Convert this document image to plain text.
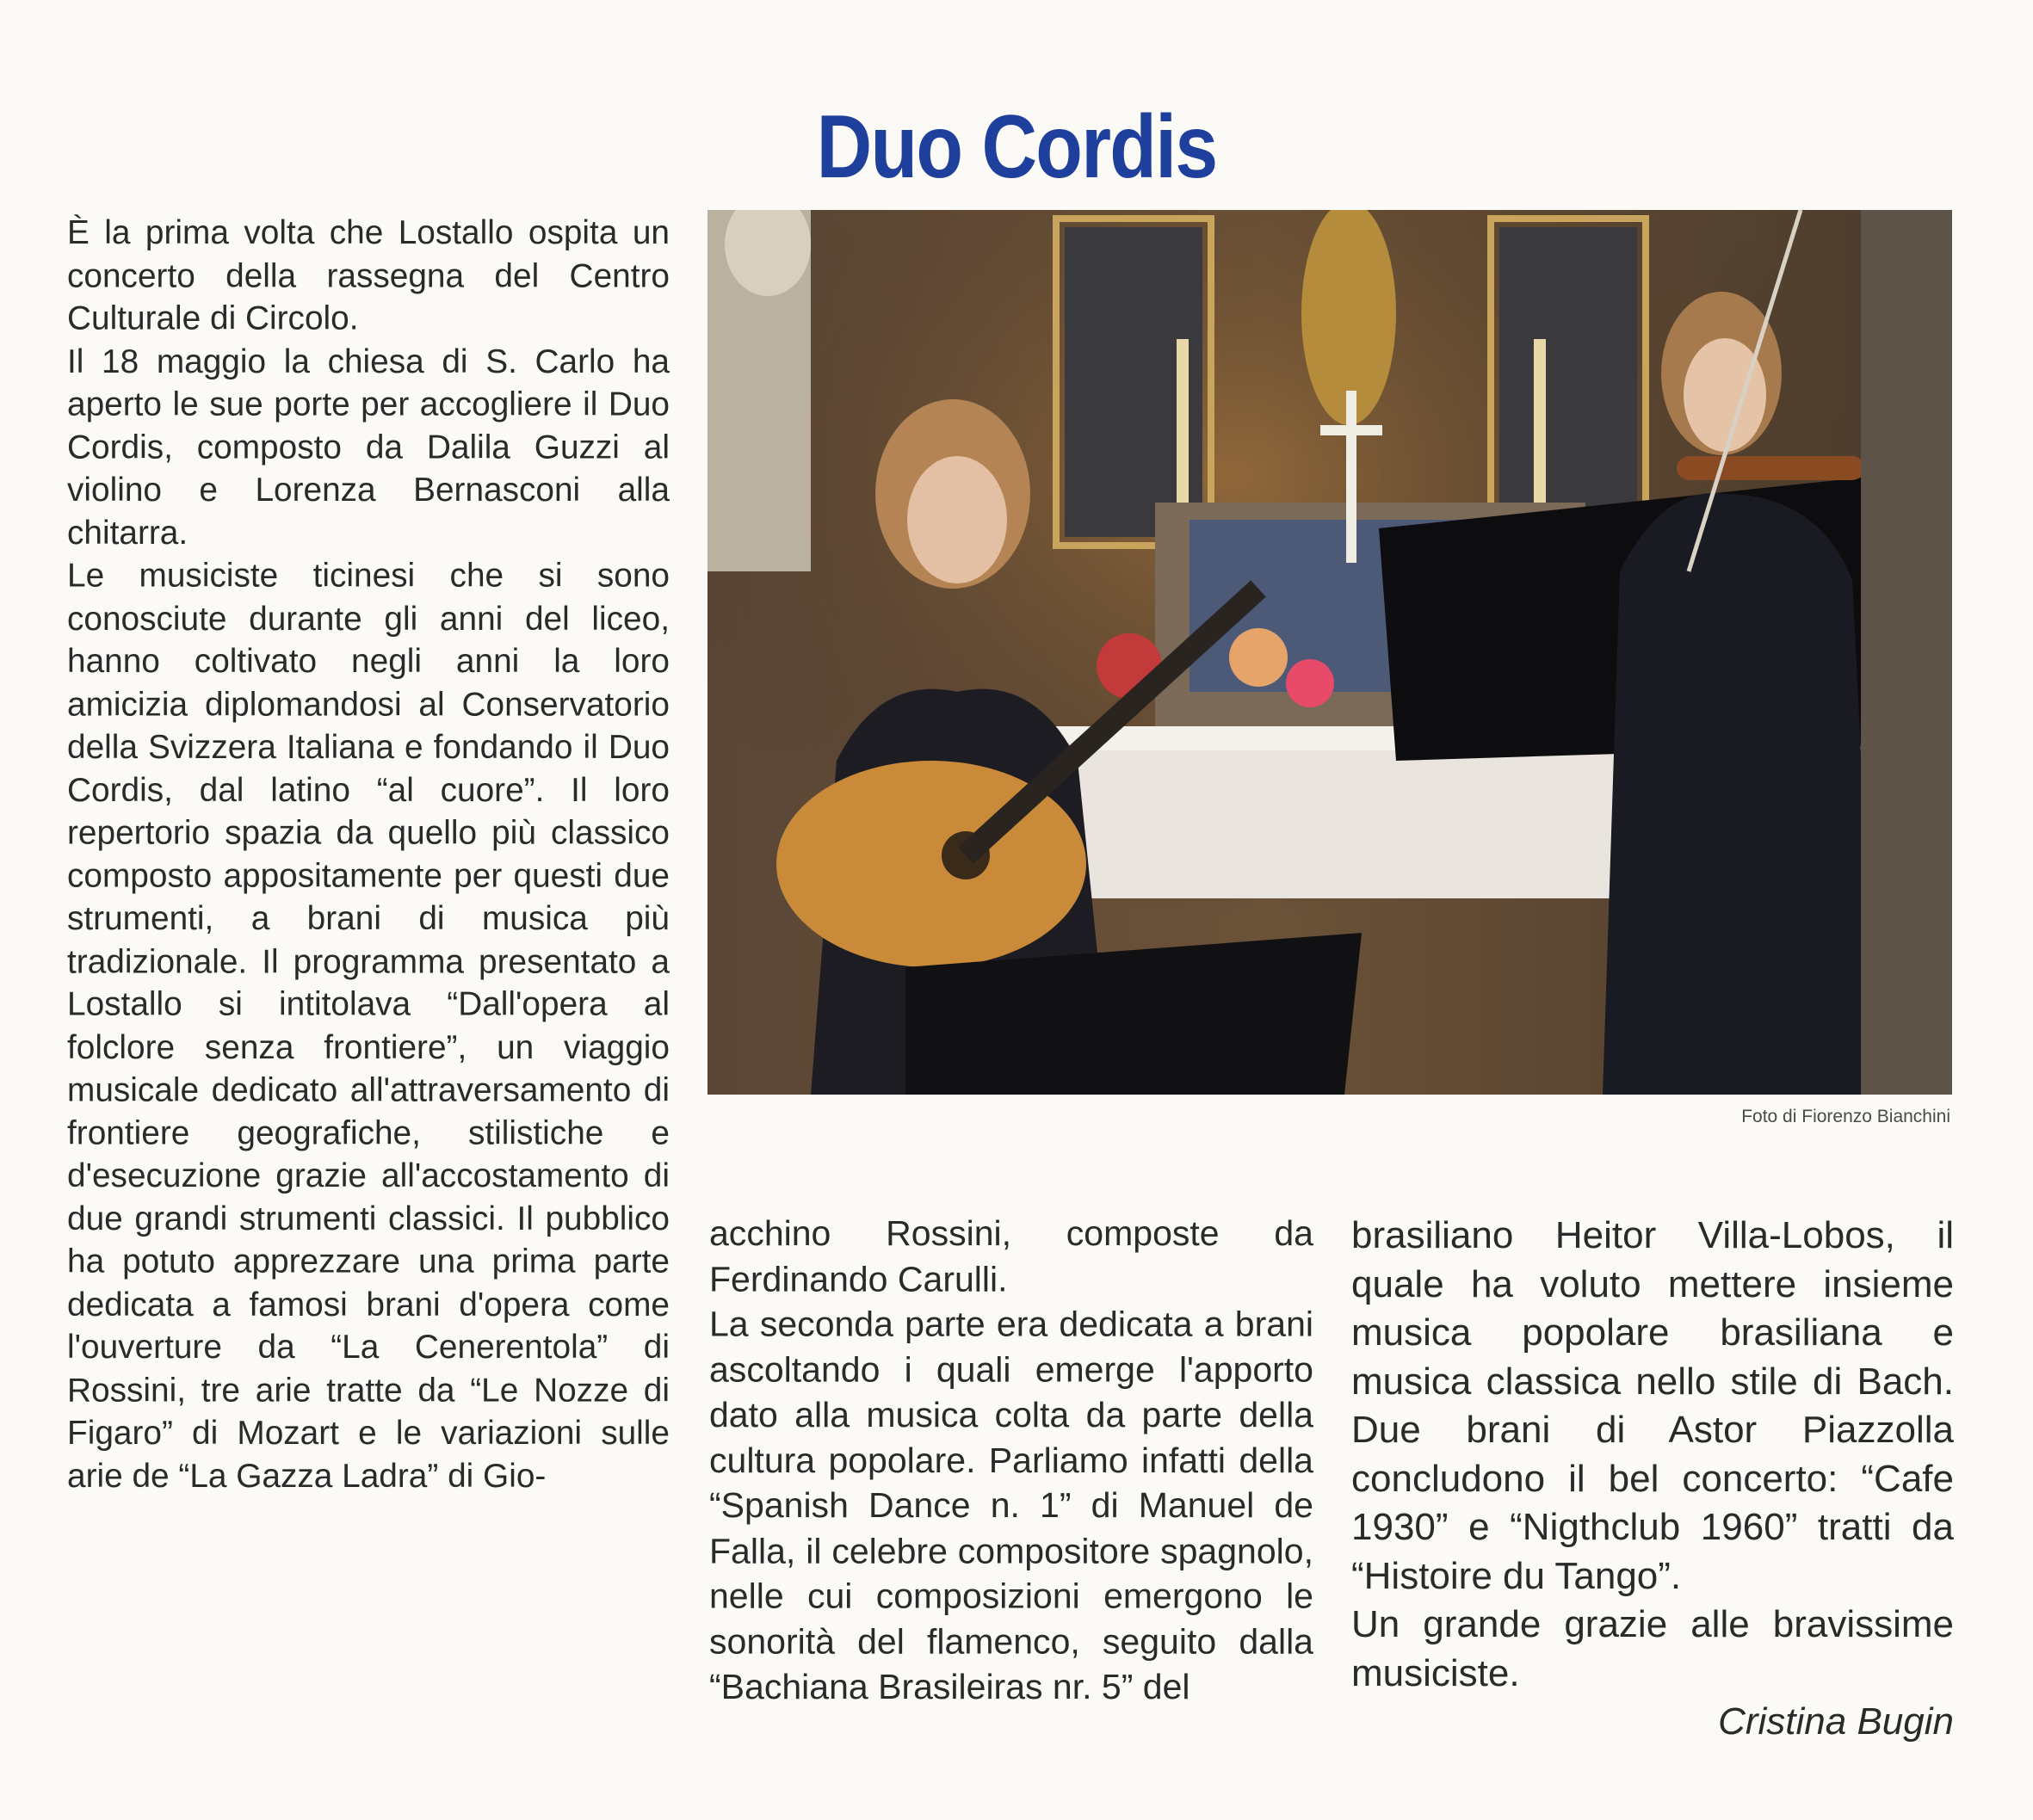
Duo Cordis

È la prima volta che Lostallo ospita un concerto della rassegna del Centro Culturale di Circolo.

Il 18 maggio la chiesa di S. Carlo ha aperto le sue porte per accogliere il Duo Cordis, composto da Dalila Guzzi al violino e Lorenza Bernasconi alla chitarra.

Le musiciste ticinesi che si sono conosciute durante gli anni del liceo, hanno coltivato negli anni la loro amicizia diplomandosi al Conservatorio della Svizzera Italiana e fondando il Duo Cordis, dal latino “al cuore”. Il loro repertorio spazia da quello più classico composto appositamente per questi due strumenti, a brani di musica più tradizionale. Il programma presentato a Lostallo si intitolava “Dall'opera al folclore senza frontiere”, un viaggio musicale dedicato all'attraversamento di frontiere geografiche, stilistiche e d'esecuzione grazie all'accostamento di due grandi strumenti classici. Il pubblico ha potuto apprezzare una prima parte dedicata a famosi brani d'opera come l'ouverture da “La Cenerentola” di Rossini, tre arie tratte da “Le Nozze di Figaro” di Mozart e le variazioni sulle arie de “La Gazza Ladra” di Gio-

Foto di Fiorenzo Bianchini

acchino Rossini, composte da Ferdinando Carulli.

La seconda parte era dedicata a brani ascoltando i quali emerge l'apporto dato alla musica colta da parte della cultura popolare. Parliamo infatti della “Spanish Dance n. 1” di Manuel de Falla, il celebre compositore spagnolo, nelle cui composizioni emergono le sonorità del flamenco, seguito dalla “Bachiana Brasileiras nr. 5” del

brasiliano Heitor Villa-Lobos, il quale ha voluto mettere insieme musica popolare brasiliana e musica classica nello stile di Bach. Due brani di Astor Piazzolla concludono il bel concerto: “Cafe 1930” e “Nigthclub 1960” tratti da “Histoire du Tango”.

Un grande grazie alle bravissime musiciste.

Cristina Bugin
